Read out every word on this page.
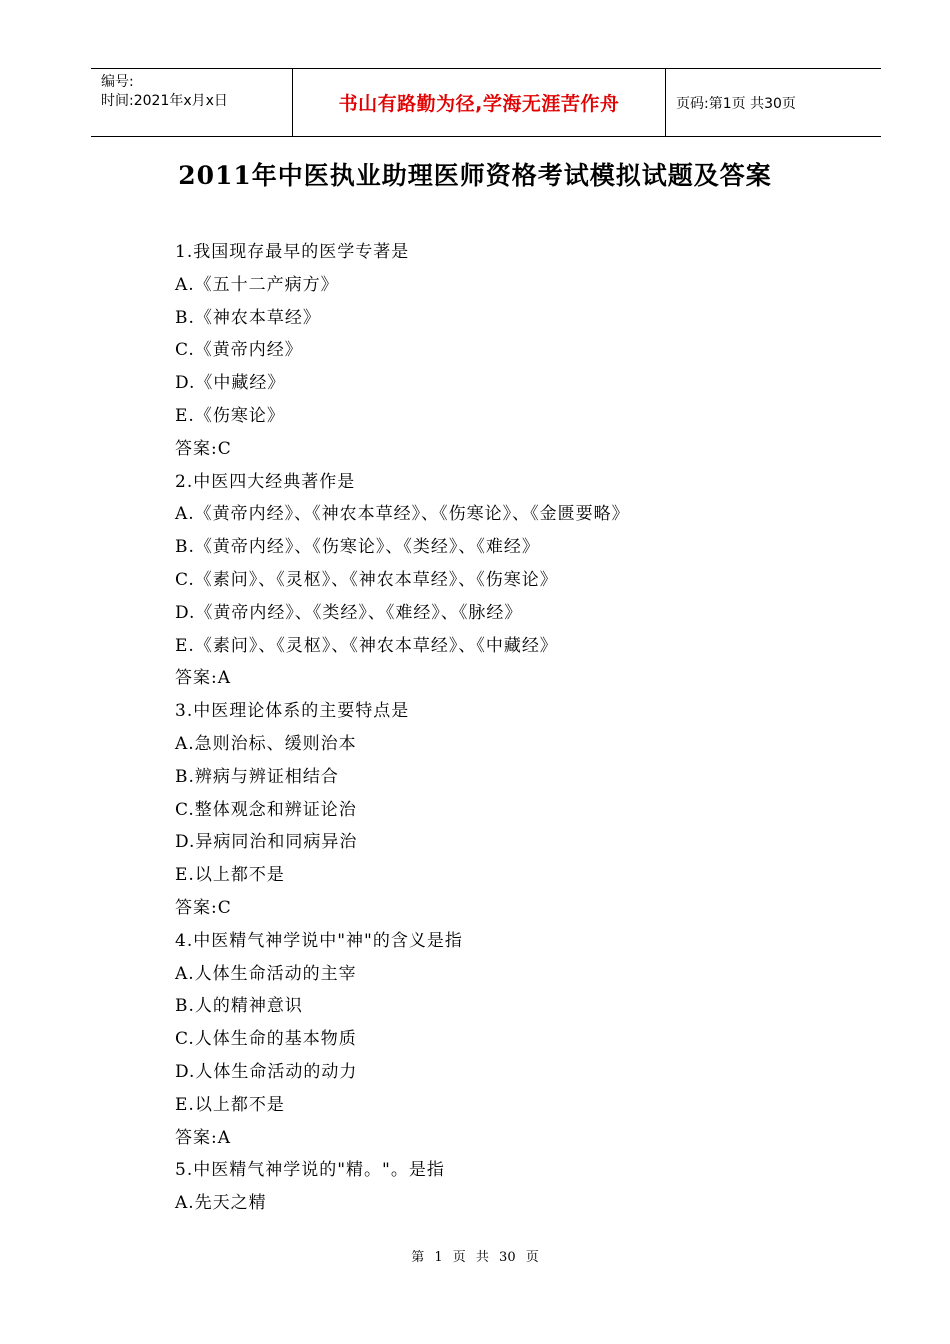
编号:
时间:2021年x月x日	书山有路勤为径,学海无涯苦作舟	页码:第1页 共30页
2011年中医执业助理医师资格考试模拟试题及答案
1.我国现存最早的医学专著是
A.《五十二产病方》
B.《神农本草经》
C.《黄帝内经》
D.《中藏经》
E.《伤寒论》
答案:C
2.中医四大经典著作是
A.《黄帝内经》、《神农本草经》、《伤寒论》、《金匮要略》
B.《黄帝内经》、《伤寒论》、《类经》、《难经》
C.《素问》、《灵枢》、《神农本草经》、《伤寒论》
D.《黄帝内经》、《类经》、《难经》、《脉经》
E.《素问》、《灵枢》、《神农本草经》、《中藏经》
答案:A
3.中医理论体系的主要特点是
A.急则治标、缓则治本
B.辨病与辨证相结合
C.整体观念和辨证论治
D.异病同治和同病异治
E.以上都不是
答案:C
4.中医精气神学说中"神"的含义是指
A.人体生命活动的主宰
B.人的精神意识
C.人体生命的基本物质
D.人体生命活动的动力
E.以上都不是
答案:A
5.中医精气神学说的"精。"。是指
A.先天之精
第 1 页 共 30 页
